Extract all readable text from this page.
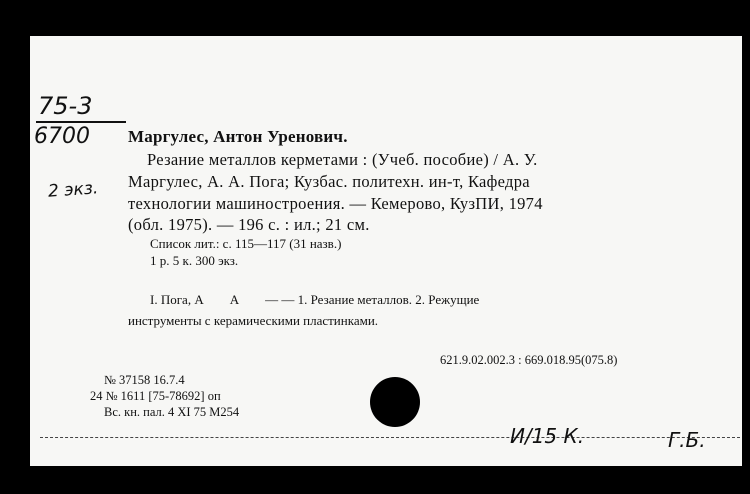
75-3
6700
2 экз.
Маргулес, Антон Уренович.
Резание металлов керметами : (Учеб. пособие) / А. У.
Маргулес, А. А. Пога; Кузбас. политехн. ин-т, Кафедра
технологии машиностроения. — Кемерово, КузПИ, 1974
(обл. 1975). — 196 с. : ил.; 21 см.
Список лит.: с. 115—117 (31 назв.)
1 р. 5 к. 300 экз.
I. Пога, А        А        — — 1. Резание металлов. 2. Режущие
инструменты с керамическими пластинками.
621.9.02.002.3 : 669.018.95(075.8)
№ 37158 16.7.4
24 № 1611 [75-78692] оп
Вс. кн. пал. 4 XI 75 М254
И/15 К.	Г.Б.
